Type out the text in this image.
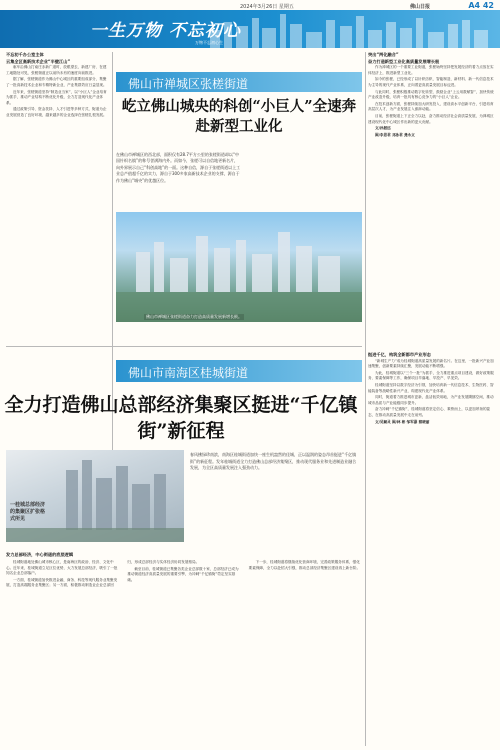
2024年3月26日 星期五	佛山日报	A4 42
一生万物 不忘初心
万物不忘初心生

不忘初千办公室主体

云集全区高新技术企业“半壁江山”

驱车沿佛山打南庄赤新广道时，放眼望去，新建厂房、在建工地随处可见，张槎街道正以前所未有的速度向前推进。

据了解，张槎街道作为佛山中心城区的重要组成部分，集聚了一批高新技术企业和专精特新企业，产业集群效应日益显现。

近年来，张槎街道坚持“制造业当家”，以“小巨人”企业培育为抓手，推动产业结构不断优化升级，全力打造现代化产业体系。

通过政策引导、资金扶持、人才引进等多种方式，街道为企业发展营造了良好环境，越来越多的企业选择在张槎扎根发展。

佛山市禅城区张槎街道
屹立佛山城央的科创“小巨人”全速奔赴新型工业化
在佛山市禅城区的西北部，面积仅有28.7平方公里的张槎街道却以“中国针织名镇”的称号誉满海内外。而如今，张槎可以自信地更新名片，向外界展示自己“科创高地”的一面。这种自信，源自于张槎街道以上工业总产值超千亿的实力，源自于300多家高新技术企业的支撑，源自于作为佛山“城央”的优越区位。
佛山市禅城区张槎街道奋力打造高质量发展新增长极。

突出“两化融合”

奋力打造新型工业化高质量发展增长极

作为禅城区的一个重要工业街道，张槎始终坚持把发展经济的着力点放在实体经济上，推进新型工业化。

如今的张槎，已经形成了以针织纺织、智能制造、新材料、新一代信息技术为主导的现代产业体系，正向着更高质量发展目标迈进。

与此同时，张槎积极推动数字化转型，鼓励企业“上云用数赋智”，加快传统产业改造升级，培育一批具有核心竞争力的“小巨人”企业。

在技术创新方面，张槎持续加大研发投入，建设高水平创新平台，引进培育高层次人才，为产业发展注入澎湃动能。

目前，张槎街道上下正全力以赴，奋力推动经济社会高质量发展，为禅城区建设现代化中心城区作出新的更大贡献。

文/孙振远

图/李思君 邓泳君 龚永文

佛山市南海区桂城街道
全力打造佛山总部经济集聚区挺进“千亿镇街”新征程
一桂城总部经济的集聚区扩张格式所见
春风拂绿珍南滨，南海区桂城街道加快一座生机盎然的佳城，正以温润的姿态昂首挺进“千亿镇街”的新征程。发年桂城街道全力打造佛山总部经济集聚区，推动现代服务业和先进制造业融合发展，为全区高质量发展注入强劲动力。

发力总部经济，中心街道的底层逻辑

桂城街道地处佛山城市核心区，是南海区的政治、经济、文化中心。近年来，桂城街道立足区位优势，大力发展总部经济，吸引了一批知名企业总部落户。

一方面，桂城街道加快推进金融、商务、科技等现代服务业集聚发展，打造高端服务业集聚区；另一方面，积极推动制造业企业总部回归，形成总部经济与实体经济协同发展格局。

截至目前，桂城街道已集聚各类企业总部数十家，总部经济已成为推动街道经济高质量发展的重要引擎，为冲刺“千亿镇街”奠定坚实基础。

下一步，桂城街道将继续优化营商环境，完善政策服务体系，强化要素保障，全力以赴招大引强，推动总部经济集聚区建设再上新台阶。

挺进千亿，构筑全新都市产业形态

“新城生产力”成为桂城街道高质量发展的新名片。在这里，一批新兴产业加速集聚，创新要素持续汇聚，发展动能不断增强。

为此，桂城街道以“三个一批”为抓手，全力推进重点项目建设，做好政策服务、要素保障等工作，确保项目早落地、早投产、早见效。

桂城街道坚持以数字经济为引领，加快培育新一代信息技术、生物医药、智能装备等战略性新兴产业，构建现代化产业体系。

同时，街道着力推进城市更新，盘活低效用地，为产业发展腾挪空间，推动城市品质与产业能级同步提升。

奋力冲刺“千亿镇街”，桂城街道将坚定信心、乘势而上，以更加昂扬的姿态，在推动高质量发展中走在前列。

文/吴颖灵 图/林 彬 邹军嘉 蔡晓丽
